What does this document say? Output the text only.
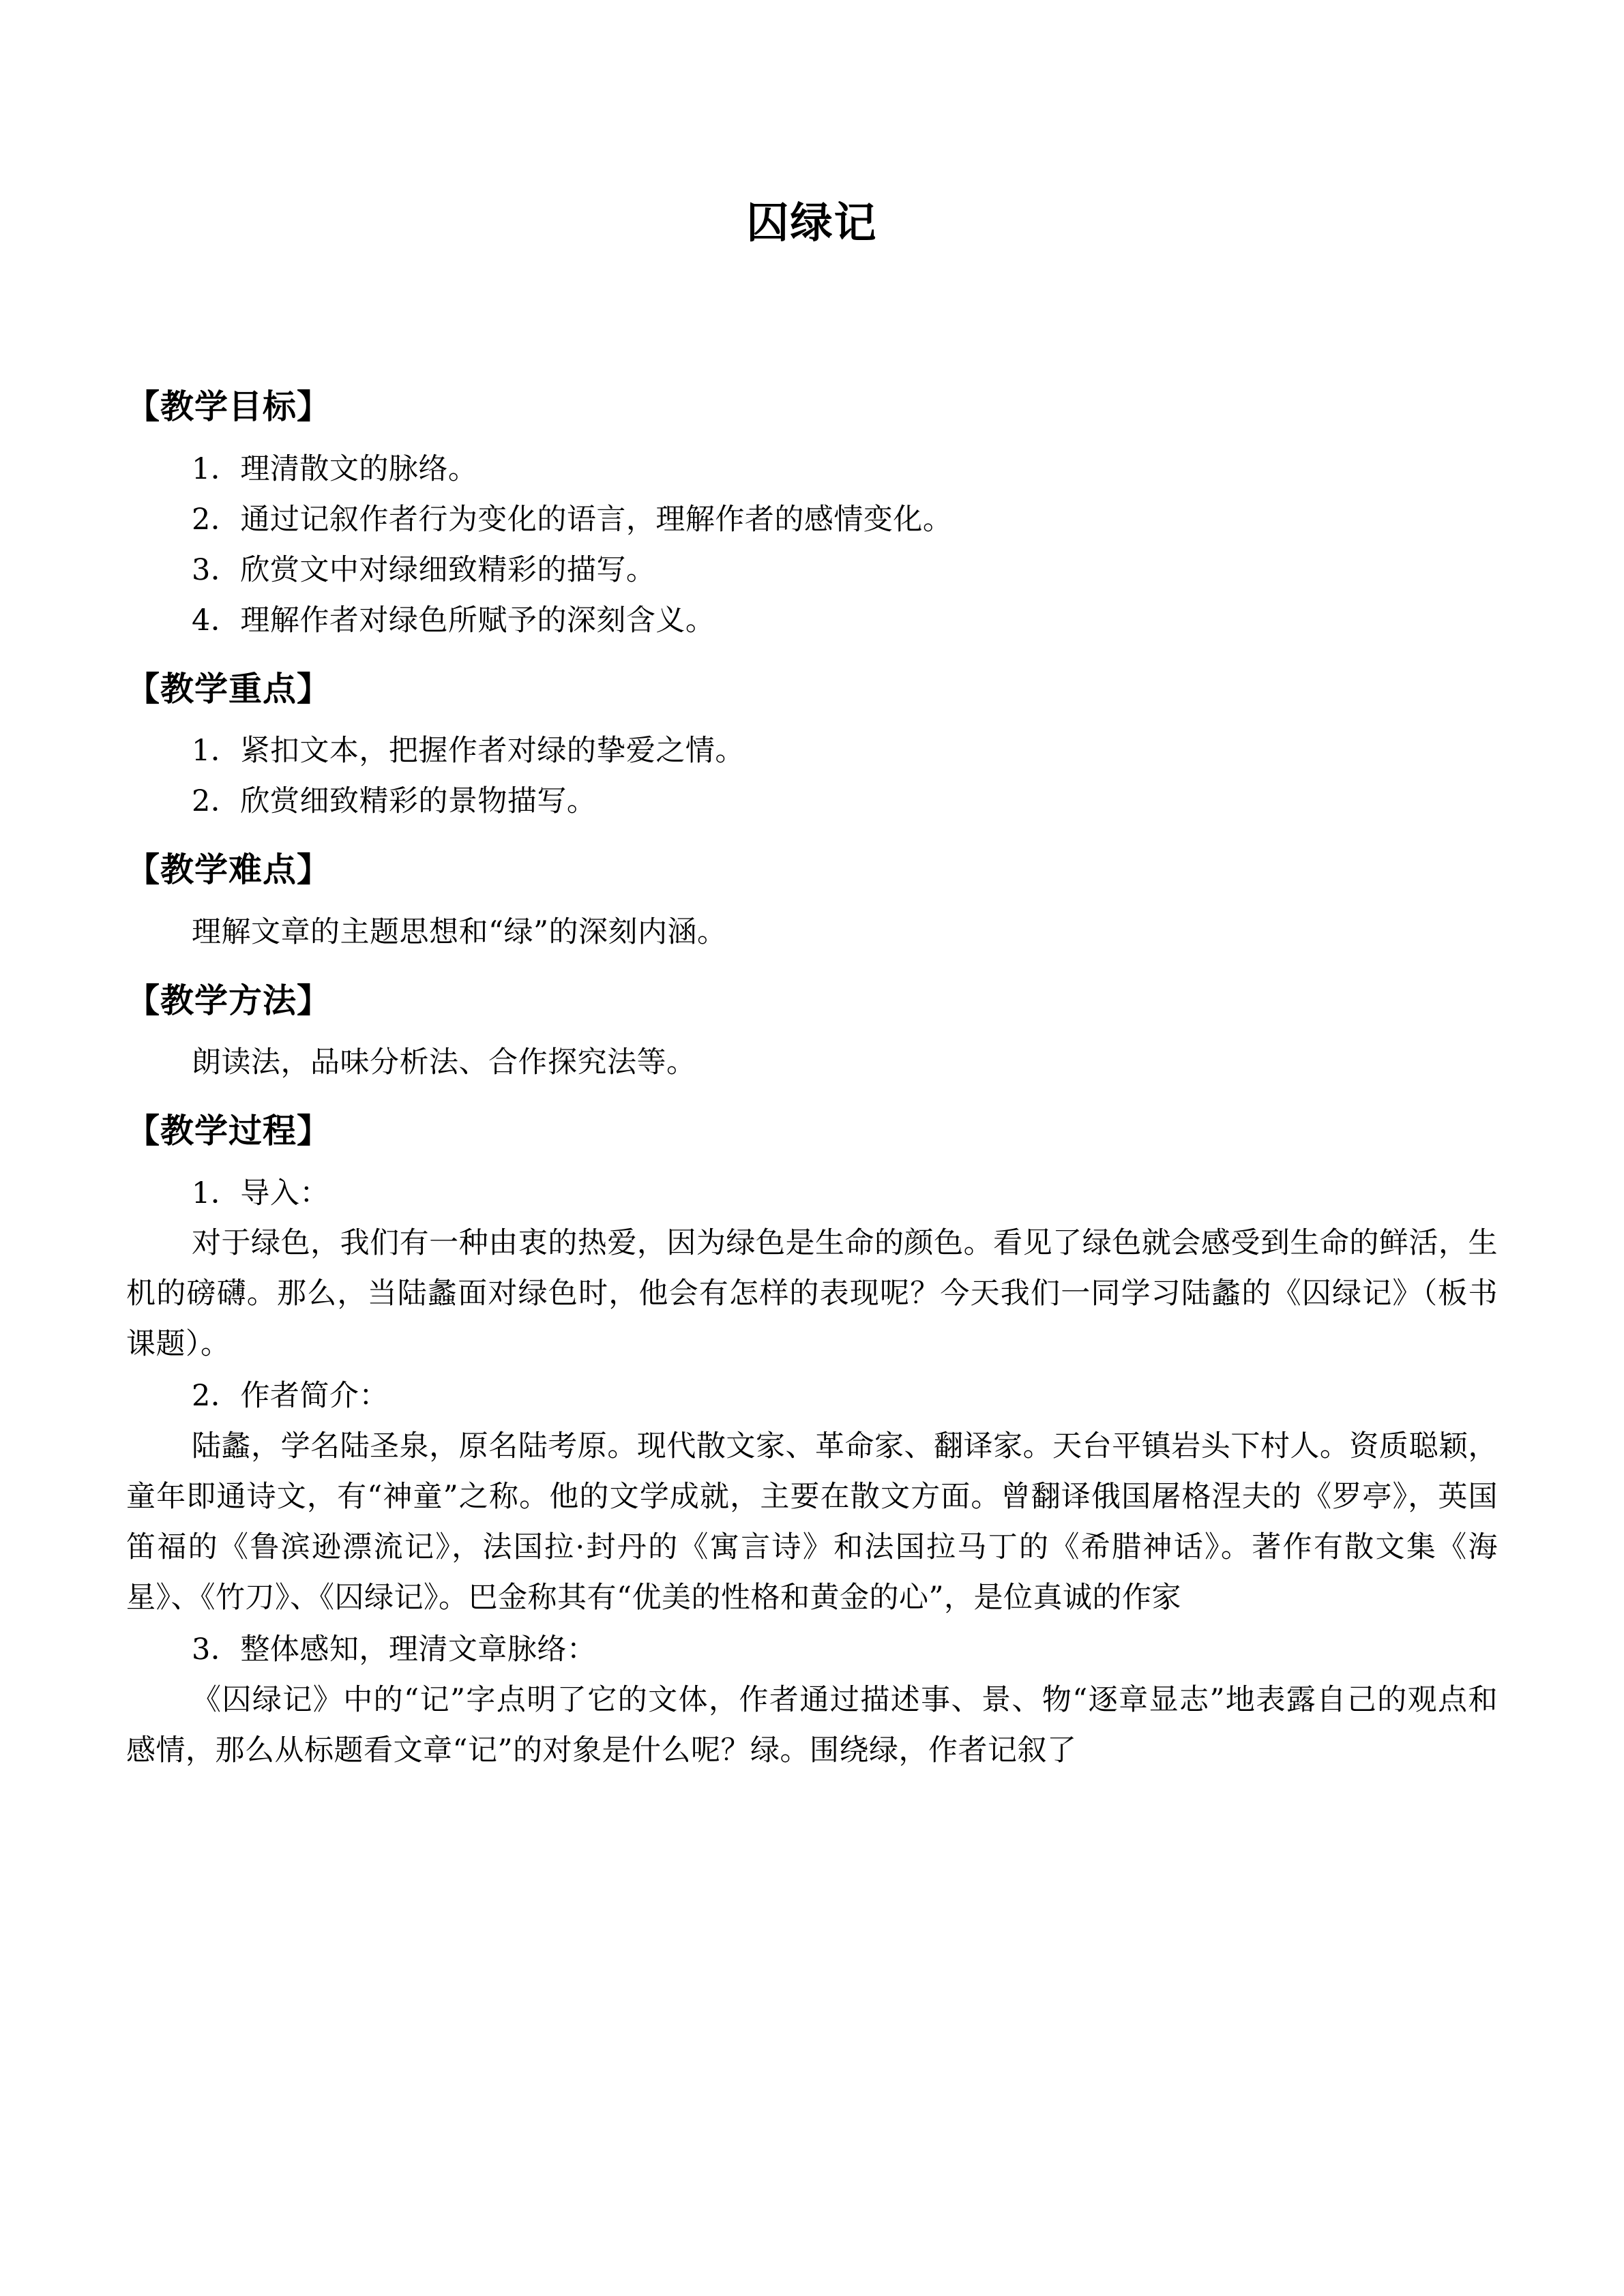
囚绿记
【教学目标】

1．理清散文的脉络。

2．通过记叙作者行为变化的语言，理解作者的感情变化。

3．欣赏文中对绿细致精彩的描写。

4．理解作者对绿色所赋予的深刻含义。

【教学重点】

1．紧扣文本，把握作者对绿的挚爱之情。

2．欣赏细致精彩的景物描写。

【教学难点】

理解文章的主题思想和“绿”的深刻内涵。

【教学方法】

朗读法，品味分析法、合作探究法等。

【教学过程】

1．导入：

对于绿色，我们有一种由衷的热爱，因为绿色是生命的颜色。看见了绿色就会感受到生命的鲜活，生机的磅礴。那么，当陆蠡面对绿色时，他会有怎样的表现呢？今天我们一同学习陆蠡的《囚绿记》（板书课题）。

2．作者简介：

陆蠡，学名陆圣泉，原名陆考原。现代散文家、革命家、翻译家。天台平镇岩头下村人。资质聪颖，童年即通诗文，有“神童”之称。他的文学成就，主要在散文方面。曾翻译俄国屠格涅夫的《罗亭》，英国笛福的《鲁滨逊漂流记》，法国拉·封丹的《寓言诗》和法国拉马丁的《希腊神话》。著作有散文集《海星》、《竹刀》、《囚绿记》。巴金称其有“优美的性格和黄金的心”，是位真诚的作家

3．整体感知，理清文章脉络：

《囚绿记》中的“记”字点明了它的文体，作者通过描述事、景、物“逐章显志”地表露自己的观点和感情，那么从标题看文章“记”的对象是什么呢？绿。围绕绿，作者记叙了
